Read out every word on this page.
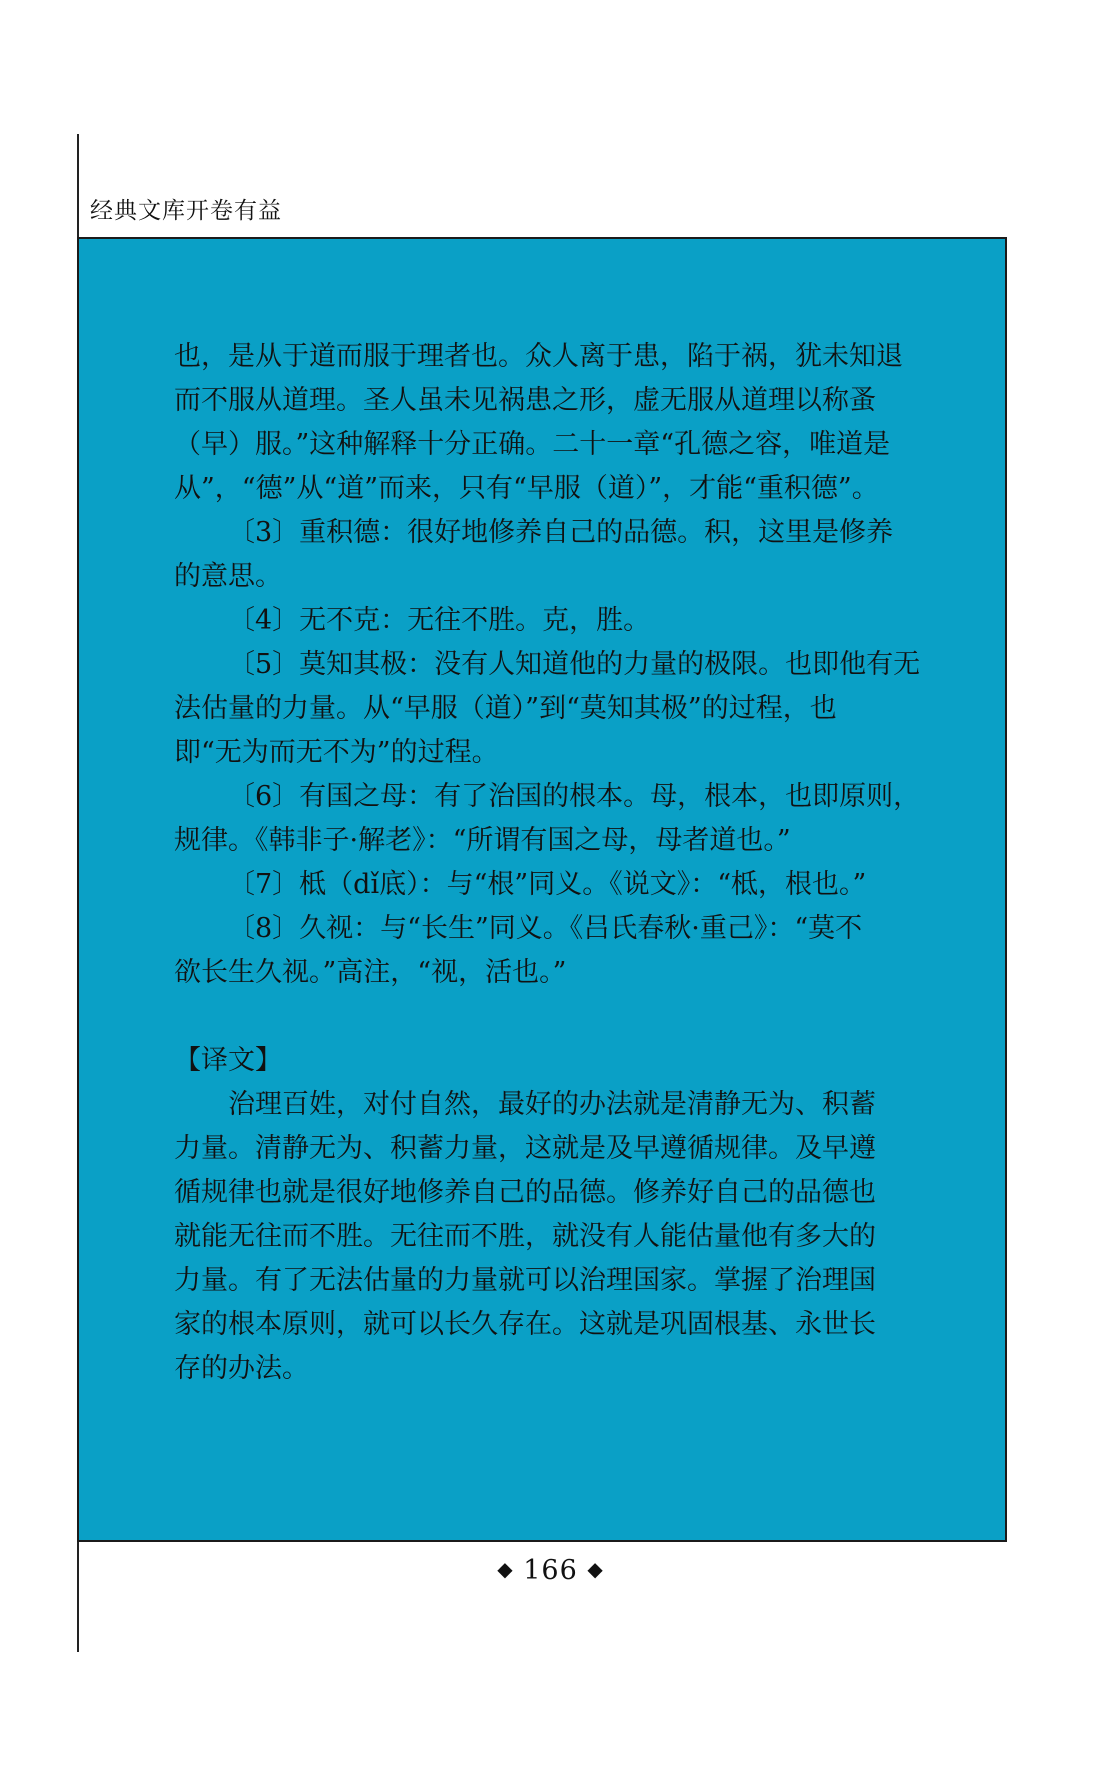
经典文库开卷有益

也，是从于道而服于理者也。众人离于患，陷于祸，犹未知退

而不服从道理。圣人虽未见祸患之形，虚无服从道理以称蚤

（早）服。”这种解释十分正确。二十一章“孔德之容，唯道是

从”，“德”从“道”而来，只有“早服（道）”，才能“重积德”。

〔3〕重积德：很好地修养自己的品德。积，这里是修养

的意思。

〔4〕无不克：无往不胜。克，胜。

〔5〕莫知其极：没有人知道他的力量的极限。也即他有无

法估量的力量。从“早服（道）”到“莫知其极”的过程，也

即“无为而无不为”的过程。

〔6〕有国之母：有了治国的根本。母，根本，也即原则，

规律。《韩非子·解老》：“所谓有国之母，母者道也。”

〔7〕柢（dǐ底）：与“根”同义。《说文》：“柢，根也。”

〔8〕久视：与“长生”同义。《吕氏春秋·重己》：“莫不

欲长生久视。”高注，“视，活也。”

【译文】

治理百姓，对付自然，最好的办法就是清静无为、积蓄

力量。清静无为、积蓄力量，这就是及早遵循规律。及早遵

循规律也就是很好地修养自己的品德。修养好自己的品德也

就能无往而不胜。无往而不胜，就没有人能估量他有多大的

力量。有了无法估量的力量就可以治理国家。掌握了治理国

家的根本原则，就可以长久存在。这就是巩固根基、永世长

存的办法。

◆ 166 ◆
